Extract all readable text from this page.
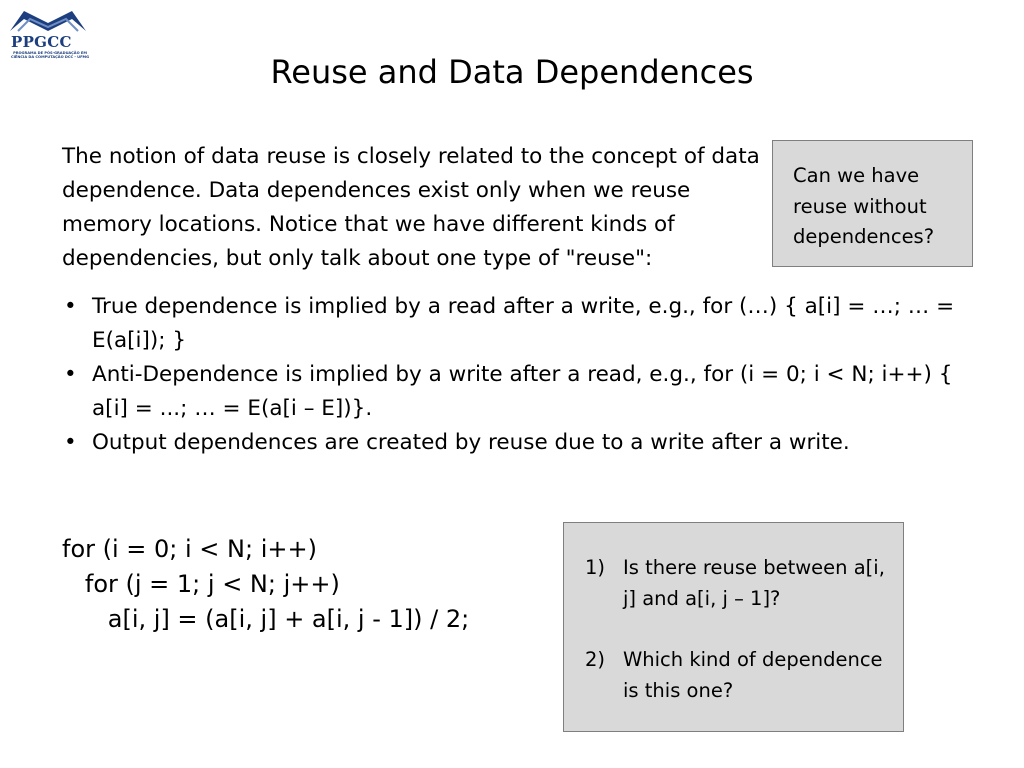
PPGCC
PROGRAMA DE PÓS-GRADUAÇÃO EM CIÊNCIA DA COMPUTAÇÃO DCC - UFMG	Reuse and Data Dependences

The notion of data reuse is closely related to the concept of data dependence. Data dependences exist only when we reuse memory locations. Notice that we have different kinds of dependencies, but only talk about one type of "reuse":

Can we have reuse without dependences?
• True dependence is implied by a read after a write, e.g., for (…) { a[i] = …; … = E(a[i]); }
• Anti-Dependence is implied by a write after a read, e.g., for (i = 0; i < N; i++) { a[i] = ...; … = E(a[i – E])}.
• Output dependences are created by reuse due to a write after a write.
for (i = 0; i < N; i++)
for (j = 1; j < N; j++)
a[i, j] = (a[i, j] + a[i, j - 1]) / 2;
1) Is there reuse between a[i, j] and a[i, j – 1]?
2) Which kind of dependence is this one?
